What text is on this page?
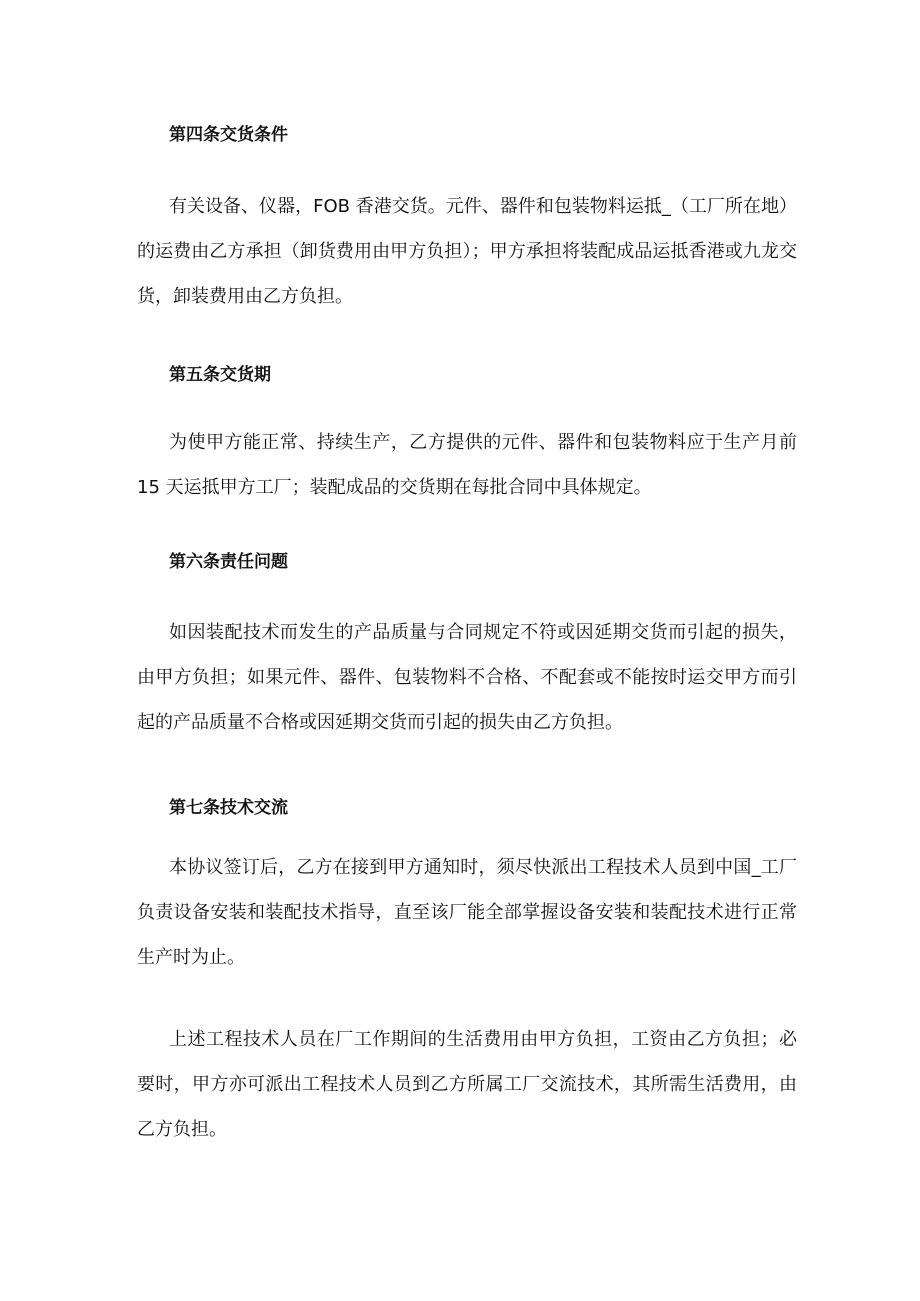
第四条交货条件

有关设备、仪器，FOB 香港交货。元件、器件和包装物料运抵_（工厂所在地）的运费由乙方承担（卸货费用由甲方负担）；甲方承担将装配成品运抵香港或九龙交货，卸装费用由乙方负担。

第五条交货期

为使甲方能正常、持续生产，乙方提供的元件、器件和包装物料应于生产月前 15 天运抵甲方工厂；装配成品的交货期在每批合同中具体规定。

第六条责任问题

如因装配技术而发生的产品质量与合同规定不符或因延期交货而引起的损失，由甲方负担；如果元件、器件、包装物料不合格、不配套或不能按时运交甲方而引起的产品质量不合格或因延期交货而引起的损失由乙方负担。

第七条技术交流

本协议签订后，乙方在接到甲方通知时，须尽快派出工程技术人员到中国_工厂负责设备安装和装配技术指导，直至该厂能全部掌握设备安装和装配技术进行正常生产时为止。

上述工程技术人员在厂工作期间的生活费用由甲方负担，工资由乙方负担；必要时，甲方亦可派出工程技术人员到乙方所属工厂交流技术，其所需生活费用，由乙方负担。
